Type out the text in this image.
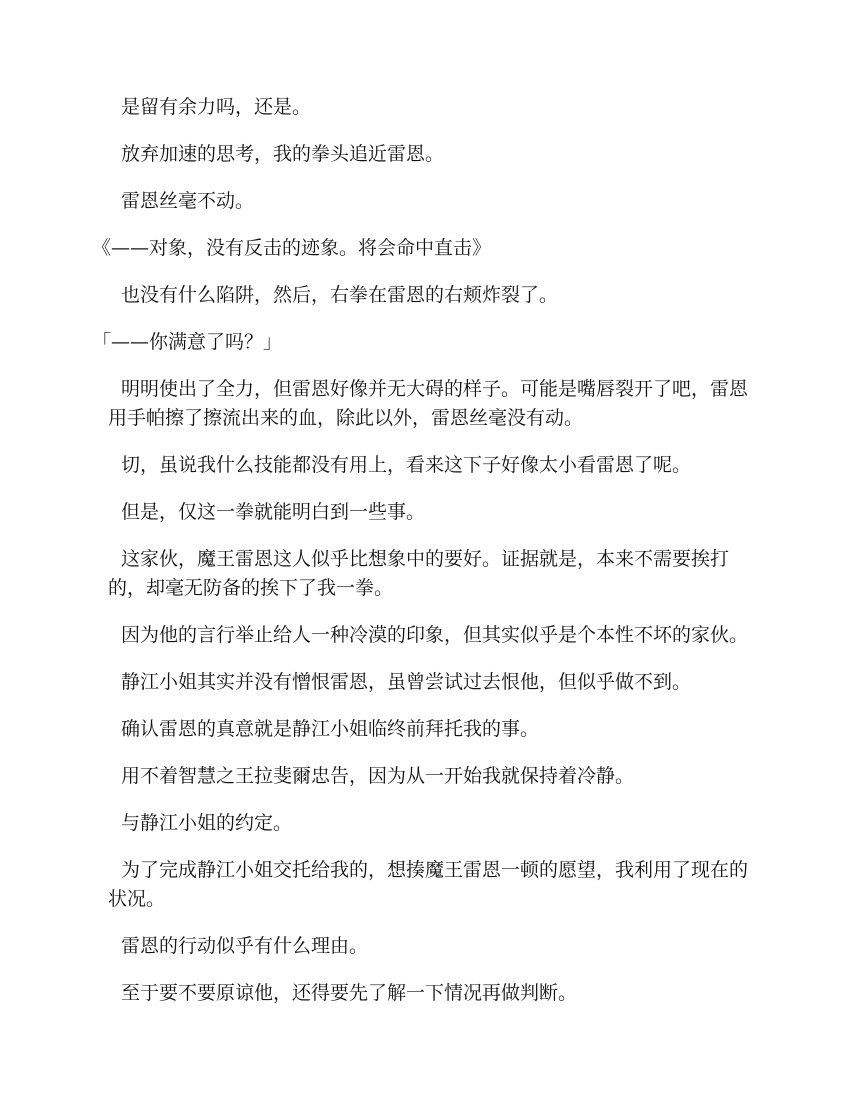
是留有余力吗，还是。

放弃加速的思考，我的拳头追近雷恩。

雷恩丝毫不动。

《——对象，没有反击的迹象。将会命中直击》

也没有什么陷阱，然后，右拳在雷恩的右颊炸裂了。

「——你满意了吗？」

明明使出了全力，但雷恩好像并无大碍的样子。可能是嘴唇裂开了吧，雷恩用手帕擦了擦流出来的血，除此以外，雷恩丝毫没有动。

切，虽说我什么技能都没有用上，看来这下子好像太小看雷恩了呢。

但是，仅这一拳就能明白到一些事。

这家伙，魔王雷恩这人似乎比想象中的要好。证据就是，本来不需要挨打的，却毫无防备的挨下了我一拳。

因为他的言行举止给人一种冷漠的印象，但其实似乎是个本性不坏的家伙。

静江小姐其实并没有憎恨雷恩，虽曾尝试过去恨他，但似乎做不到。

确认雷恩的真意就是静江小姐临终前拜托我的事。

用不着智慧之王拉斐爾忠告，因为从一开始我就保持着冷静。

与静江小姐的约定。

为了完成静江小姐交托给我的，想揍魔王雷恩一顿的愿望，我利用了现在的状况。

雷恩的行动似乎有什么理由。

至于要不要原谅他，还得要先了解一下情况再做判断。
